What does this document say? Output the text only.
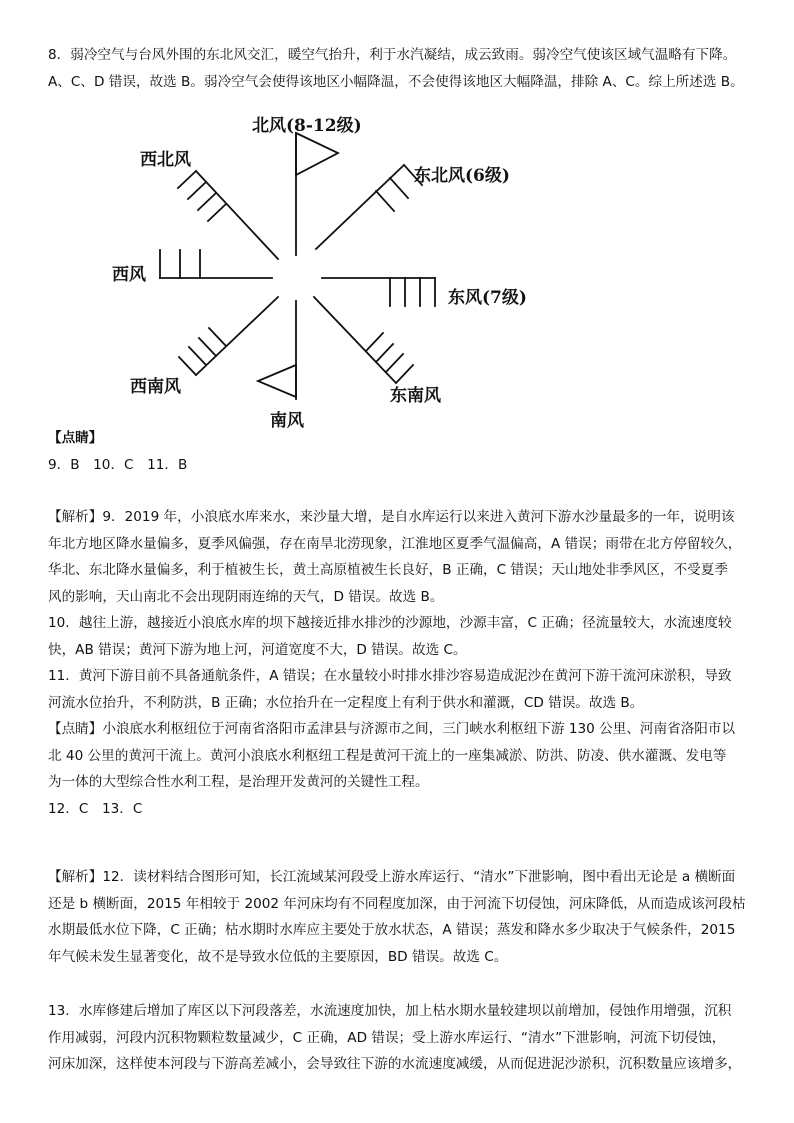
8．弱冷空气与台风外围的东北风交汇，暖空气抬升，利于水汽凝结，成云致雨。弱冷空气使该区域气温略有下降。

A、C、D 错误，故选 B。弱冷空气会使得该地区小幅降温，不会使得该地区大幅降温，排除 A、C。综上所述选 B。

北风(8-12级)
东北风(6级)
东风(7级)
东南风
南风
西南风
西风
西北风

【点睛】

9．B　10．C　11．B

【解析】9．2019 年，小浪底水库来水，来沙量大增，是自水库运行以来进入黄河下游水沙量最多的一年，说明该

年北方地区降水量偏多，夏季风偏强，存在南旱北涝现象，江淮地区夏季气温偏高，A 错误；雨带在北方停留较久，

华北、东北降水量偏多，利于植被生长，黄土高原植被生长良好，B 正确，C 错误；天山地处非季风区，不受夏季

风的影响，天山南北不会出现阴雨连绵的天气，D 错误。故选 B。

10．越往上游，越接近小浪底水库的坝下越接近排水排沙的沙源地，沙源丰富，C 正确；径流量较大，水流速度较

快，AB 错误；黄河下游为地上河，河道宽度不大，D 错误。故选 C。

11．黄河下游目前不具备通航条件，A 错误；在水量较小时排水排沙容易造成泥沙在黄河下游干流河床淤积，导致

河流水位抬升，不利防洪，B 正确；水位抬升在一定程度上有利于供水和灌溉，CD 错误。故选 B。

【点睛】小浪底水利枢纽位于河南省洛阳市孟津县与济源市之间，三门峡水利枢纽下游 130 公里、河南省洛阳市以

北 40 公里的黄河干流上。黄河小浪底水利枢纽工程是黄河干流上的一座集减淤、防洪、防凌、供水灌溉、发电等

为一体的大型综合性水利工程，是治理开发黄河的关键性工程。

12．C　13．C

【解析】12．读材料结合图形可知，长江流域某河段受上游水库运行、“清水”下泄影响，图中看出无论是 a 横断面

还是 b 横断面，2015 年相较于 2002 年河床均有不同程度加深，由于河流下切侵蚀，河床降低，从而造成该河段枯

水期最低水位下降，C 正确；枯水期时水库应主要处于放水状态，A 错误；蒸发和降水多少取决于气候条件，2015

年气候未发生显著变化，故不是导致水位低的主要原因，BD 错误。故选 C。

13．水库修建后增加了库区以下河段落差，水流速度加快，加上枯水期水量较建坝以前增加，侵蚀作用增强，沉积

作用减弱，河段内沉积物颗粒数量减少，C 正确，AD 错误；受上游水库运行、“清水”下泄影响，河流下切侵蚀，

河床加深，这样使本河段与下游高差减小，会导致往下游的水流速度减缓，从而促进泥沙淤积，沉积数量应该增多，
